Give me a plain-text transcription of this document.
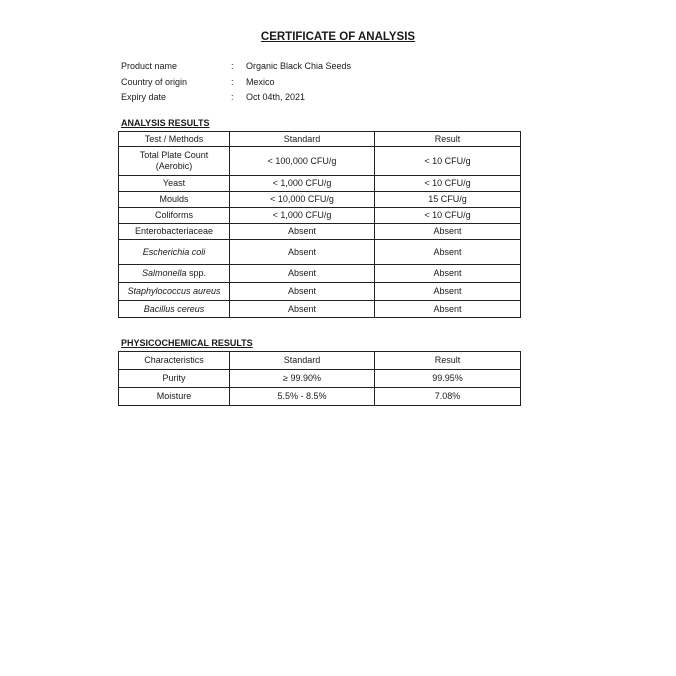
CERTIFICATE OF ANALYSIS
Product name	: Organic Black Chia Seeds
Country of origin	: Mexico
Expiry date	: Oct 04th, 2021
ANALYSIS RESULTS
Test / Methods	Standard	Result

Total Plate Count
(Aerobic)	< 100,000 CFU/g	< 10 CFU/g
Yeast	< 1,000 CFU/g	< 10 CFU/g
Moulds	< 10,000 CFU/g	15 CFU/g
Coliforms	< 1,000 CFU/g	< 10 CFU/g
Enterobacteriaceae	Absent	Absent
Escherichia coli	Absent	Absent
Salmonella spp.	Absent	Absent
Staphylococcus aureus	Absent	Absent
Bacillus cereus	Absent	Absent
PHYSICOCHEMICAL RESULTS
Characteristics	Standard	Result
Purity	≥ 99.90%	99.95%
Moisture	5.5% - 8.5%	7.08%
